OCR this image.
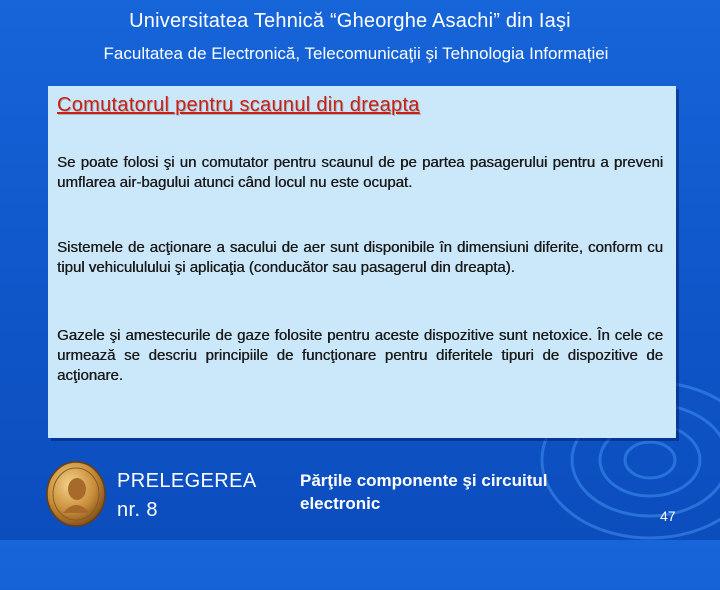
Universitatea Tehnică “Gheorghe Asachi” din Iaşi
Facultatea de Electronică, Telecomunicaţii şi Tehnologia Informației
Comutatorul pentru scaunul din dreapta
Se poate folosi şi un comutator pentru scaunul de pe partea pasagerului pentru a preveni umflarea air-bagului atunci când locul nu este ocupat.
Sistemele de acţionare a sacului de aer sunt disponibile în dimensiuni diferite, conform cu tipul vehicululului şi aplicaţia (conducător sau pasagerul din dreapta).
Gazele şi amestecurile de gaze folosite pentru aceste dispozitive sunt netoxice. În cele ce urmează se descriu principiile de funcţionare pentru diferitele tipuri de dispozitive de acţionare.
PRELEGEREA
nr. 8
Părţile componente şi circuitul
electronic
47
